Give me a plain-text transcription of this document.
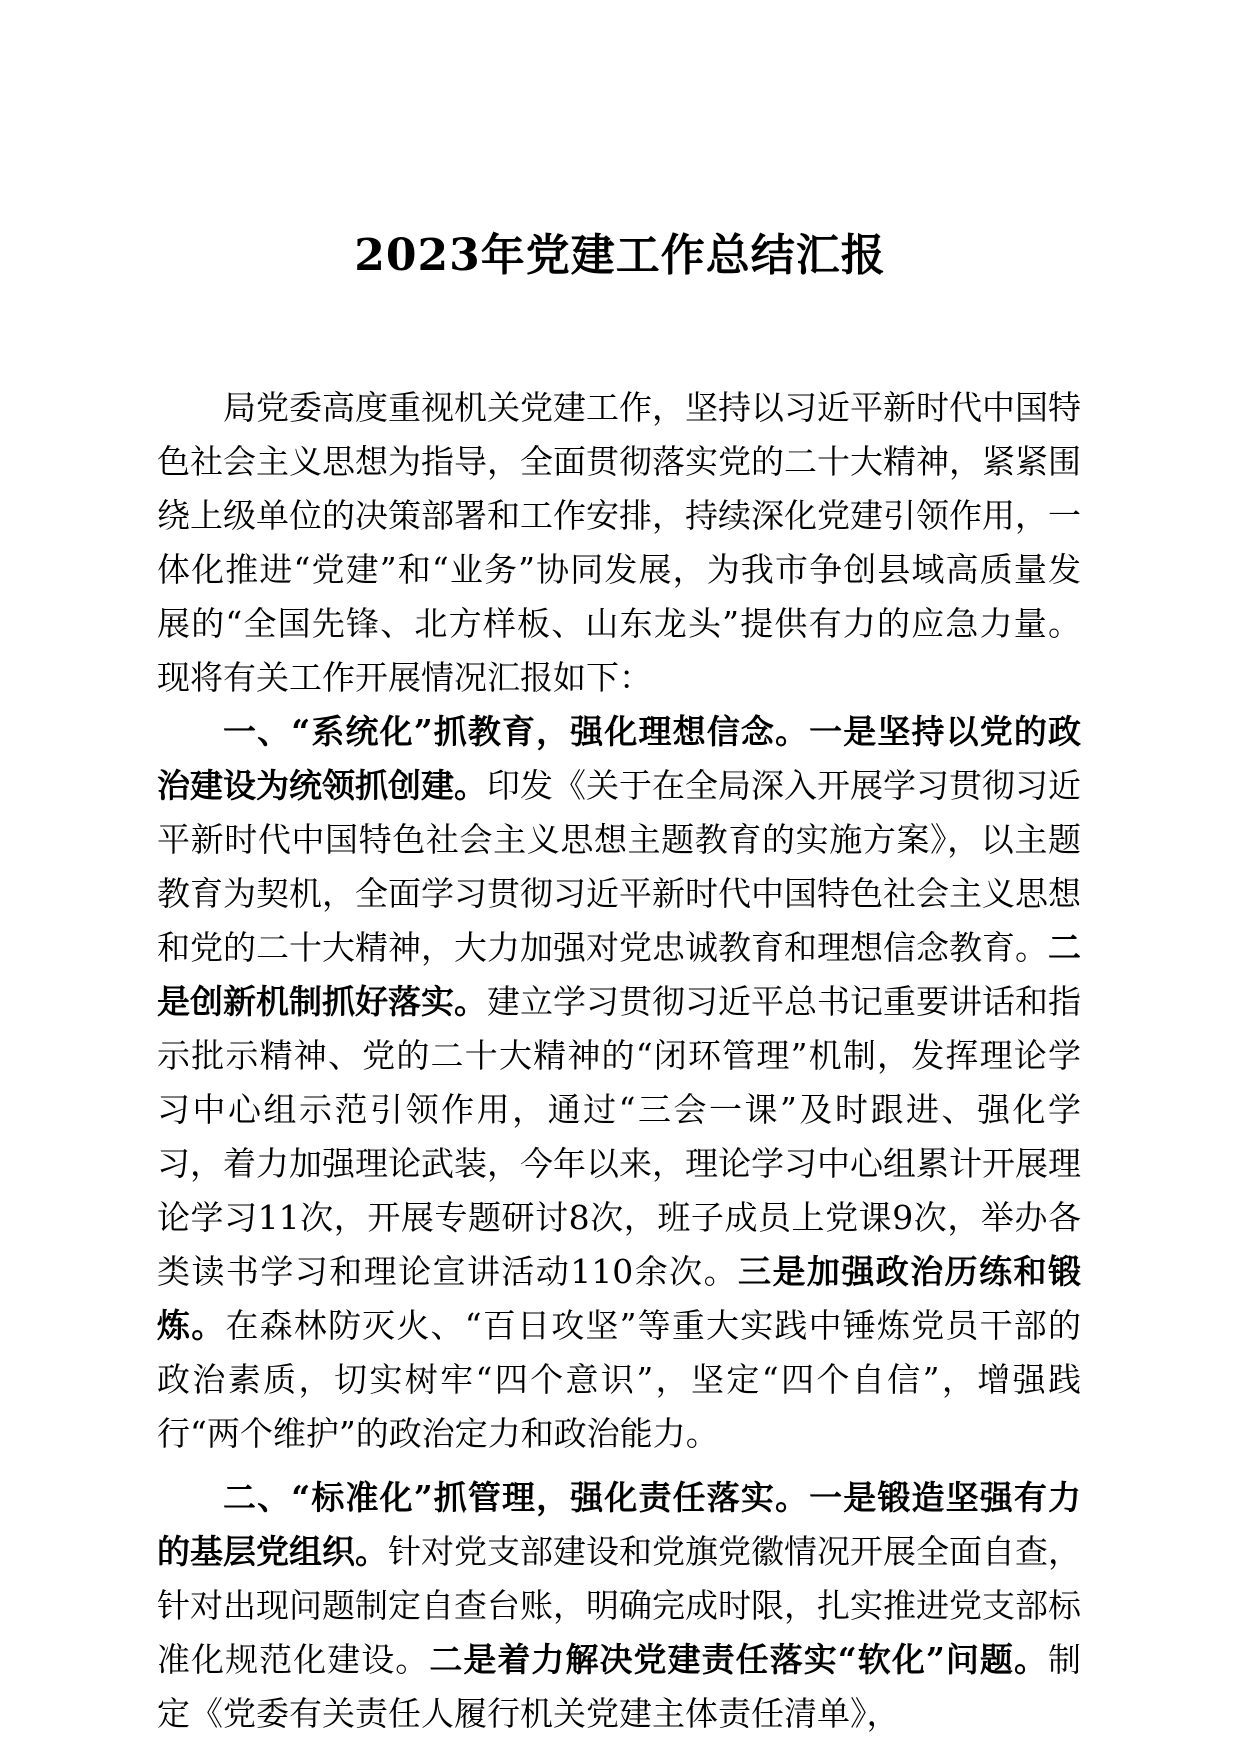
2023年党建工作总结汇报

局党委高度重视机关党建工作，坚持以习近平新时代中国特色社会主义思想为指导，全面贯彻落实党的二十大精神，紧紧围绕上级单位的决策部署和工作安排，持续深化党建引领作用，一体化推进“党建”和“业务”协同发展，为我市争创县域高质量发展的“全国先锋、北方样板、山东龙头”提供有力的应急力量。现将有关工作开展情况汇报如下：

一、“系统化”抓教育，强化理想信念。一是坚持以党的政治建设为统领抓创建。印发《关于在全局深入开展学习贯彻习近平新时代中国特色社会主义思想主题教育的实施方案》，以主题教育为契机，全面学习贯彻习近平新时代中国特色社会主义思想和党的二十大精神，大力加强对党忠诚教育和理想信念教育。二是创新机制抓好落实。建立学习贯彻习近平总书记重要讲话和指示批示精神、党的二十大精神的“闭环管理”机制，发挥理论学习中心组示范引领作用，通过“三会一课”及时跟进、强化学习，着力加强理论武装，今年以来，理论学习中心组累计开展理论学习11次，开展专题研讨8次，班子成员上党课9次，举办各类读书学习和理论宣讲活动110余次。三是加强政治历练和锻炼。在森林防灭火、“百日攻坚”等重大实践中锤炼党员干部的政治素质，切实树牢“四个意识”，坚定“四个自信”，增强践行“两个维护”的政治定力和政治能力。

二、“标准化”抓管理，强化责任落实。一是锻造坚强有力的基层党组织。针对党支部建设和党旗党徽情况开展全面自查，针对出现问题制定自查台账，明确完成时限，扎实推进党支部标准化规范化建设。二是着力解决党建责任落实“软化”问题。制定《党委有关责任人履行机关党建主体责任清单》，
